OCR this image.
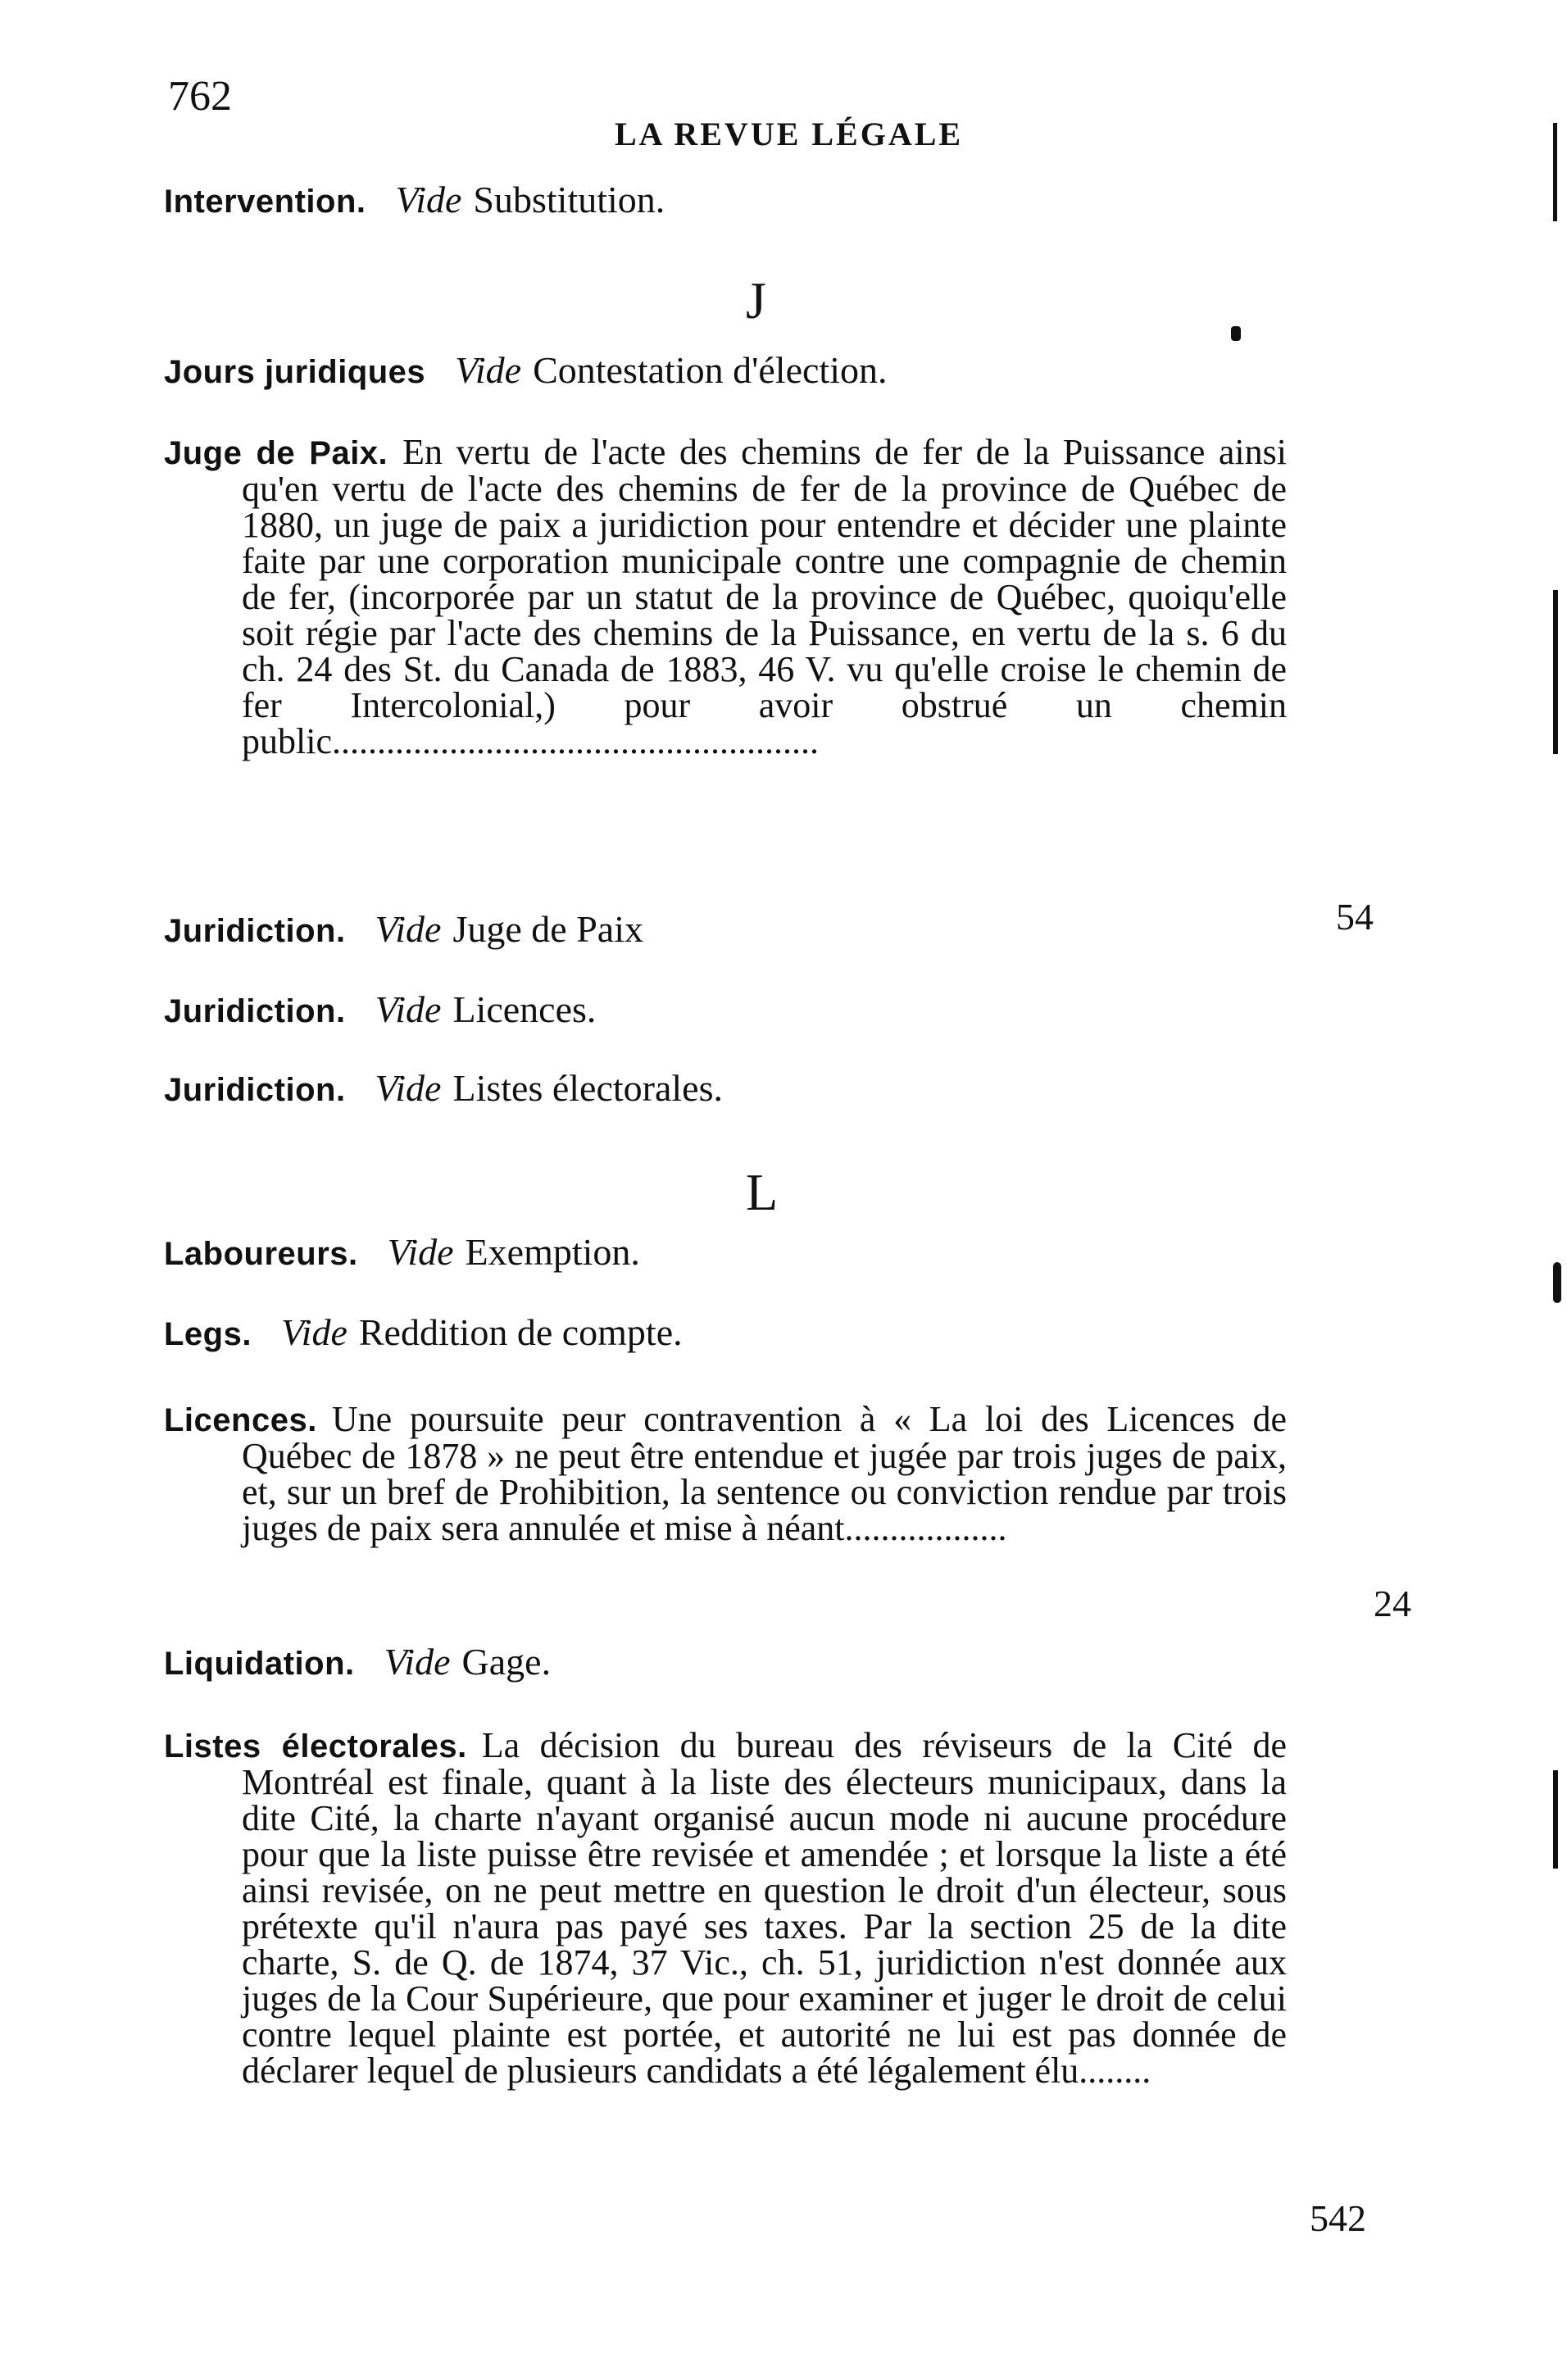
762
LA REVUE LÉGALE
Intervention. Vide Substitution.
J
Jours juridiques Vide Contestation d'élection.
Juge de Paix. En vertu de l'acte des chemins de fer de la Puissance ainsi qu'en vertu de l'acte des chemins de fer de la province de Québec de 1880, un juge de paix a juridiction pour entendre et décider une plainte faite par une corporation municipale contre une compagnie de chemin de fer, (incorporée par un statut de la province de Québec, quoiqu'elle soit régie par l'acte des chemins de la Puissance, en vertu de la s. 6 du ch. 24 des St. du Canada de 1883, 46 V. vu qu'elle croise le chemin de fer Intercolonial,) pour avoir obstrué un chemin public......................................................
54
Juridiction. Vide Juge de Paix
Juridiction. Vide Licences.
Juridiction. Vide Listes électorales.
L
Laboureurs. Vide Exemption.
Legs. Vide Reddition de compte.
Licences. Une poursuite peur contravention à « La loi des Licences de Québec de 1878 » ne peut être entendue et jugée par trois juges de paix, et, sur un bref de Prohibition, la sentence ou conviction rendue par trois juges de paix sera annulée et mise à néant..................
24
Liquidation. Vide Gage.
Listes électorales. La décision du bureau des réviseurs de la Cité de Montréal est finale, quant à la liste des électeurs municipaux, dans la dite Cité, la charte n'ayant organisé aucun mode ni aucune procédure pour que la liste puisse être revisée et amendée ; et lorsque la liste a été ainsi revisée, on ne peut mettre en question le droit d'un électeur, sous prétexte qu'il n'aura pas payé ses taxes. Par la section 25 de la dite charte, S. de Q. de 1874, 37 Vic., ch. 51, juridiction n'est donnée aux juges de la Cour Supérieure, que pour examiner et juger le droit de celui contre lequel plainte est portée, et autorité ne lui est pas donnée de déclarer lequel de plusieurs candidats a été légalement élu........
542
